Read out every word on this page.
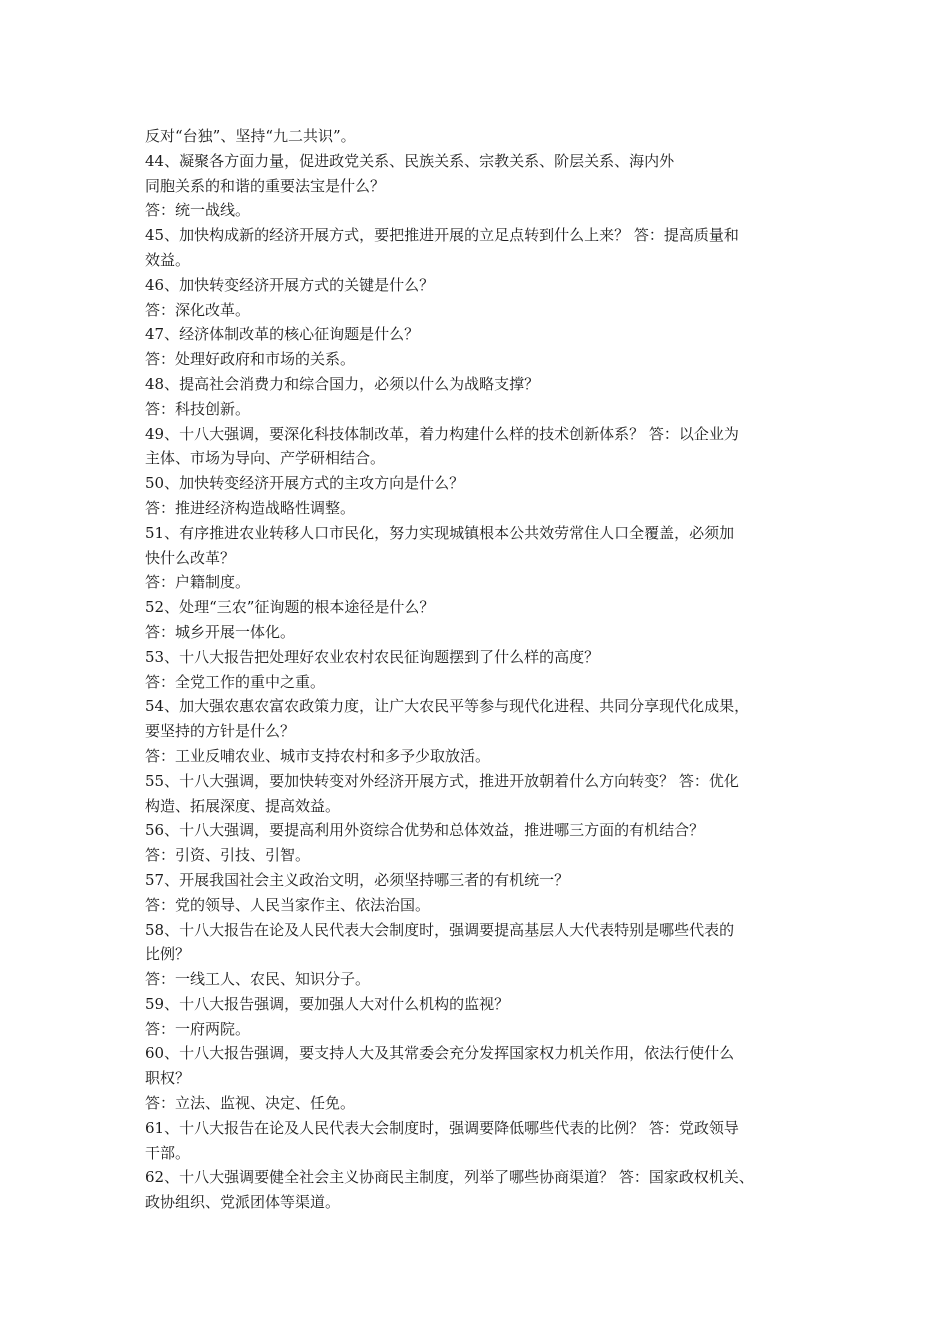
反对“台独”、坚持“九二共识”。
44、凝聚各方面力量，促进政党关系、民族关系、宗教关系、阶层关系、海内外
同胞关系的和谐的重要法宝是什么？
答：统一战线。
45、加快构成新的经济开展方式，要把推进开展的立足点转到什么上来？ 答：提高质量和
效益。
46、加快转变经济开展方式的关键是什么？
答：深化改革。
47、经济体制改革的核心征询题是什么？
答：处理好政府和市场的关系。
48、提高社会消费力和综合国力，必须以什么为战略支撑？
答：科技创新。
49、十八大强调，要深化科技体制改革，着力构建什么样的技术创新体系？ 答：以企业为
主体、市场为导向、产学研相结合。
50、加快转变经济开展方式的主攻方向是什么？
答：推进经济构造战略性调整。
51、有序推进农业转移人口市民化，努力实现城镇根本公共效劳常住人口全覆盖，必须加
快什么改革？
答：户籍制度。
52、处理“三农”征询题的根本途径是什么？
答：城乡开展一体化。
53、十八大报告把处理好农业农村农民征询题摆到了什么样的高度？
答：全党工作的重中之重。
54、加大强农惠农富农政策力度，让广大农民平等参与现代化进程、共同分享现代化成果，
要坚持的方针是什么？
答：工业反哺农业、城市支持农村和多予少取放活。
55、十八大强调，要加快转变对外经济开展方式，推进开放朝着什么方向转变？ 答：优化
构造、拓展深度、提高效益。
56、十八大强调，要提高利用外资综合优势和总体效益，推进哪三方面的有机结合？
答：引资、引技、引智。
57、开展我国社会主义政治文明，必须坚持哪三者的有机统一？
答：党的领导、人民当家作主、依法治国。
58、十八大报告在论及人民代表大会制度时，强调要提高基层人大代表特别是哪些代表的
比例？
答：一线工人、农民、知识分子。
59、十八大报告强调，要加强人大对什么机构的监视？
答：一府两院。
60、十八大报告强调，要支持人大及其常委会充分发挥国家权力机关作用，依法行使什么
职权？
答：立法、监视、决定、任免。
61、十八大报告在论及人民代表大会制度时，强调要降低哪些代表的比例？ 答：党政领导
干部。
62、十八大强调要健全社会主义协商民主制度，列举了哪些协商渠道？ 答：国家政权机关、
政协组织、党派团体等渠道。
